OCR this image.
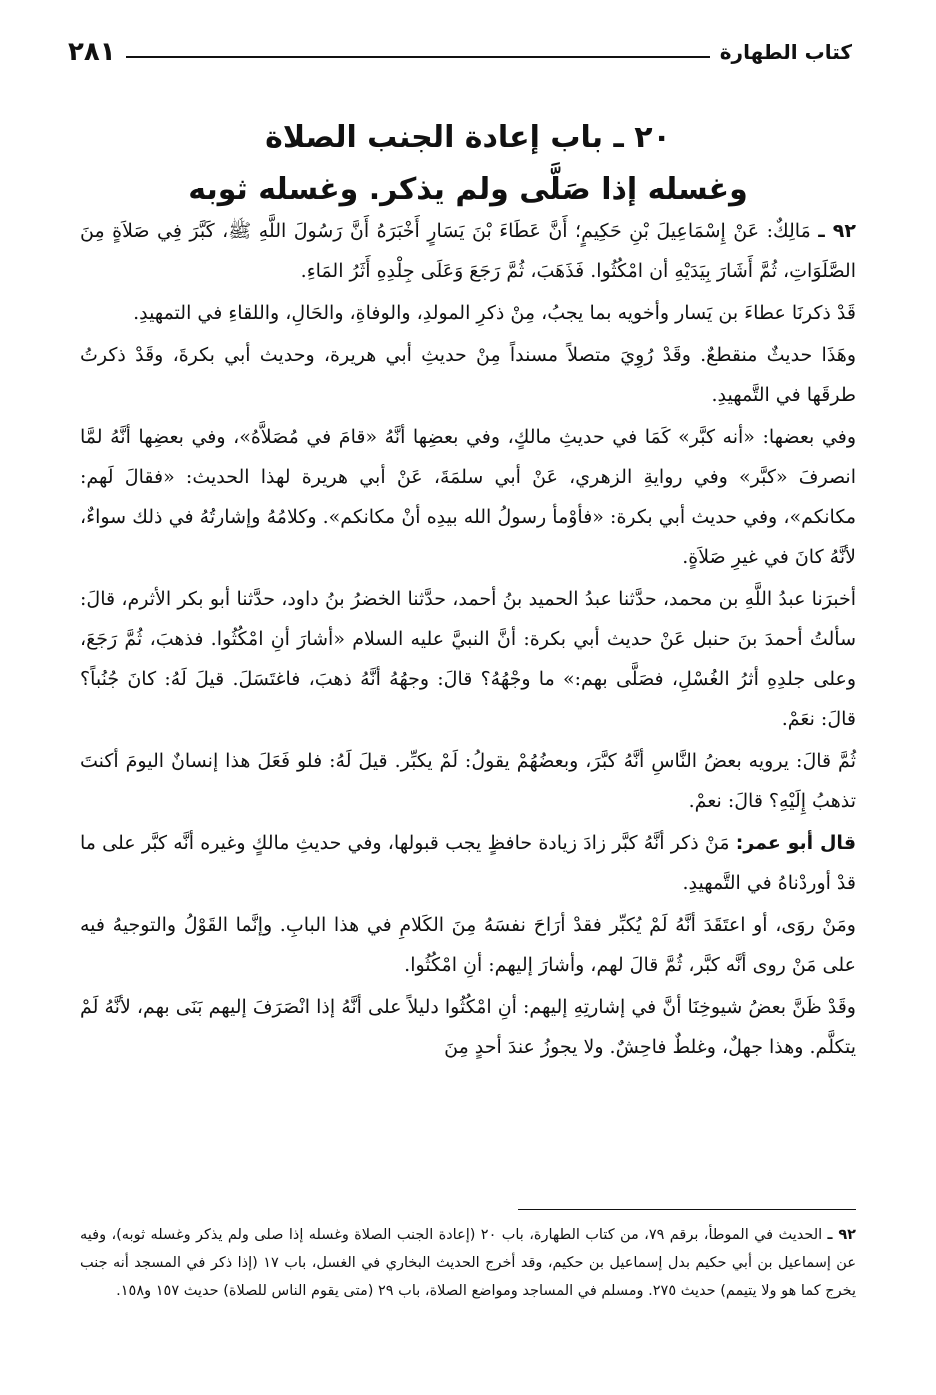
كتاب الطهارة
٢٨١
٢٠ ـ باب إعادة الجنب الصلاة
وغسله إذا صَلَّى ولم يذكر. وغسله ثوبه

٩٢ ـ مَالِكٌ: عَنْ إِسْمَاعِيلَ بْنِ حَكِيمٍ؛ أَنَّ عَطَاءَ بْنَ يَسَارٍ أَخْبَرَهُ أَنَّ رَسُولَ اللَّهِ ﷺ، كَبَّرَ فِي صَلاَةٍ مِنَ الصَّلَوَاتِ، ثُمَّ أَشَارَ بِيَدَيْهِ أن امْكُثُوا. فَذَهَبَ، ثُمَّ رَجَعَ وَعَلَى جِلْدِهِ أَثَرُ المَاءِ.

قَدْ ذكرنَا عطاءَ بن يَسار وأخويه بما يجبُ، مِنْ ذكرِ المولدِ، والوفاةِ، والحَالِ، واللقاءِ في التمهيدِ.

وهَذَا حديثٌ منقطعٌ. وقَدْ رُوِيَ متصلاً مسنداً مِنْ حديثِ أبي هريرة، وحديث أبي بكرةَ، وقَدْ ذكرتُ طرقَها في التَّمهيدِ.

وفي بعضها: «أنه كبَّر» كَمَا في حديثِ مالكٍ، وفي بعضِها أنَّهُ «قامَ في مُصَلاَّهُ»، وفي بعضِها أنَّهُ لمَّا انصرفَ «كبَّر» وفي روايةِ الزهري، عَنْ أبي سلمَةَ، عَنْ أبي هريرة لهذا الحديث: «فقالَ لَهم: مكانكم»، وفي حديث أبي بكرة: «فأوْمأ رسولُ الله بيدِه أنْ مكانكم». وكلامُهُ وإشارتُهُ في ذلك سواءٌ، لأنَّهُ كانَ في غيرِ صَلاَةٍ.

أخبرَنا عبدُ اللَّهِ بن محمد، حدَّثنا عبدُ الحميد بنُ أحمد، حدَّثنا الخضرُ بنُ داود، حدَّثنا أبو بكر الأثرم، قالَ: سألتُ أحمدَ بنَ حنبل عَنْ حديث أبي بكرة: أنَّ النبيَّ عليه السلام «أشارَ أنِ امْكُثُوا. فذهبَ، ثُمَّ رَجَعَ، وعلى جلدِهِ أثرُ الغُسْلِ، فصَلَّى بهم:» ما وجْهُهُ؟ قالَ: وجهُهُ أنَّهُ ذهبَ، فاغتَسَلَ. قيلَ لَهُ: كانَ جُنُباً؟ قالَ: نعَمْ.

ثُمَّ قالَ: يرويه بعضُ النَّاسِ أنَّهُ كبَّرَ، وبعضُهُمْ يقولُ: لَمْ يكبِّر. قيلَ لَهُ: فلو فَعَلَ هذا إنسانٌ اليومَ أكنتَ تذهبُ إِلَيْهِ؟ قالَ: نعمْ.

قال أبو عمر: مَنْ ذكر أنَّهُ كبَّر زادَ زيادة حافظٍ يجب قبولها، وفي حديثِ مالكٍ وغيره أنَّه كبَّر على ما قدْ أوردْناهُ في التَّمهيدِ.

ومَنْ روَى، أو اعتَقَدَ أنَّهُ لَمْ يُكبِّر فقدْ أرَاحَ نفسَهُ مِنَ الكَلامِ في هذا البابِ. وإنَّما القَوْلُ والتوجيهُ فيه على مَنْ روى أنَّه كبَّر، ثُمَّ قالَ لهم، وأشارَ إليهم: أنِ امْكُثُوا.

وقَدْ ظَنَّ بعضُ شيوخِنَا أنَّ في إشارتِهِ إليهم: أنِ امْكُثُوا دليلاً على أنَّهُ إذا انْصَرَفَ إليهم بَنَى بهم، لأنَّهُ لَمْ يتكلَّم. وهذا جهلٌ، وغلطٌ فاحِشٌ. ولا يجوزُ عندَ أحدٍ مِنَ

٩٢ ـ الحديث في الموطأ، برقم ٧٩، من كتاب الطهارة، باب ٢٠ (إعادة الجنب الصلاة وغسله إذا صلى ولم يذكر وغسله ثوبه)، وفيه عن إسماعيل بن أبي حكيم بدل إسماعيل بن حكيم، وقد أخرج الحديث البخاري في الغسل، باب ١٧ (إذا ذكر في المسجد أنه جنب يخرج كما هو ولا يتيمم) حديث ٢٧٥. ومسلم في المساجد ومواضع الصلاة، باب ٢٩ (متى يقوم الناس للصلاة) حديث ١٥٧ و١٥٨.
